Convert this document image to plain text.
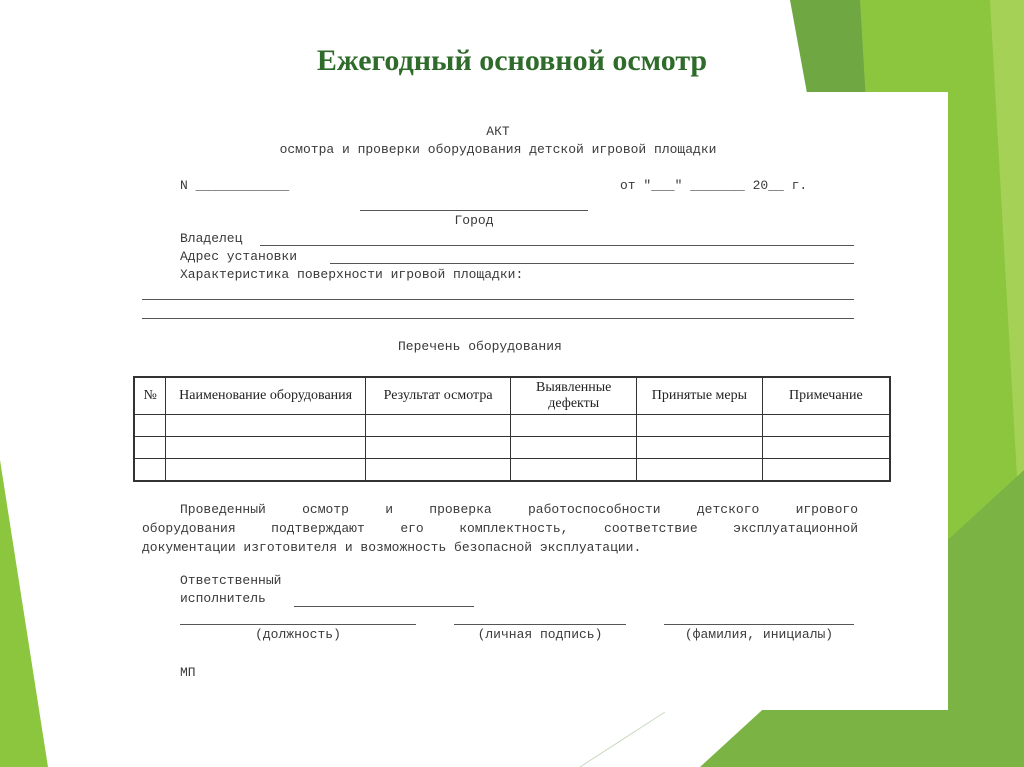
Ежегодный основной осмотр
АКТ
осмотра и проверки оборудования детской игровой площадки
N ____________	от "___" _______ 20__ г.
Город
Владелец
Адрес установки
Характеристика поверхности игровой площадки:
Перечень оборудования
№	Наименование оборудования	Результат осмотра	Выявленные дефекты	Принятые меры	Примечание

Проведенный осмотр и проверка работоспособности детского игрового

оборудования подтверждают его комплектность, соответствие эксплуатационной

документации изготовителя и возможность безопасной эксплуатации.

Ответственный
исполнитель
(должность)	(личная подпись)	(фамилия, инициалы)
МП
